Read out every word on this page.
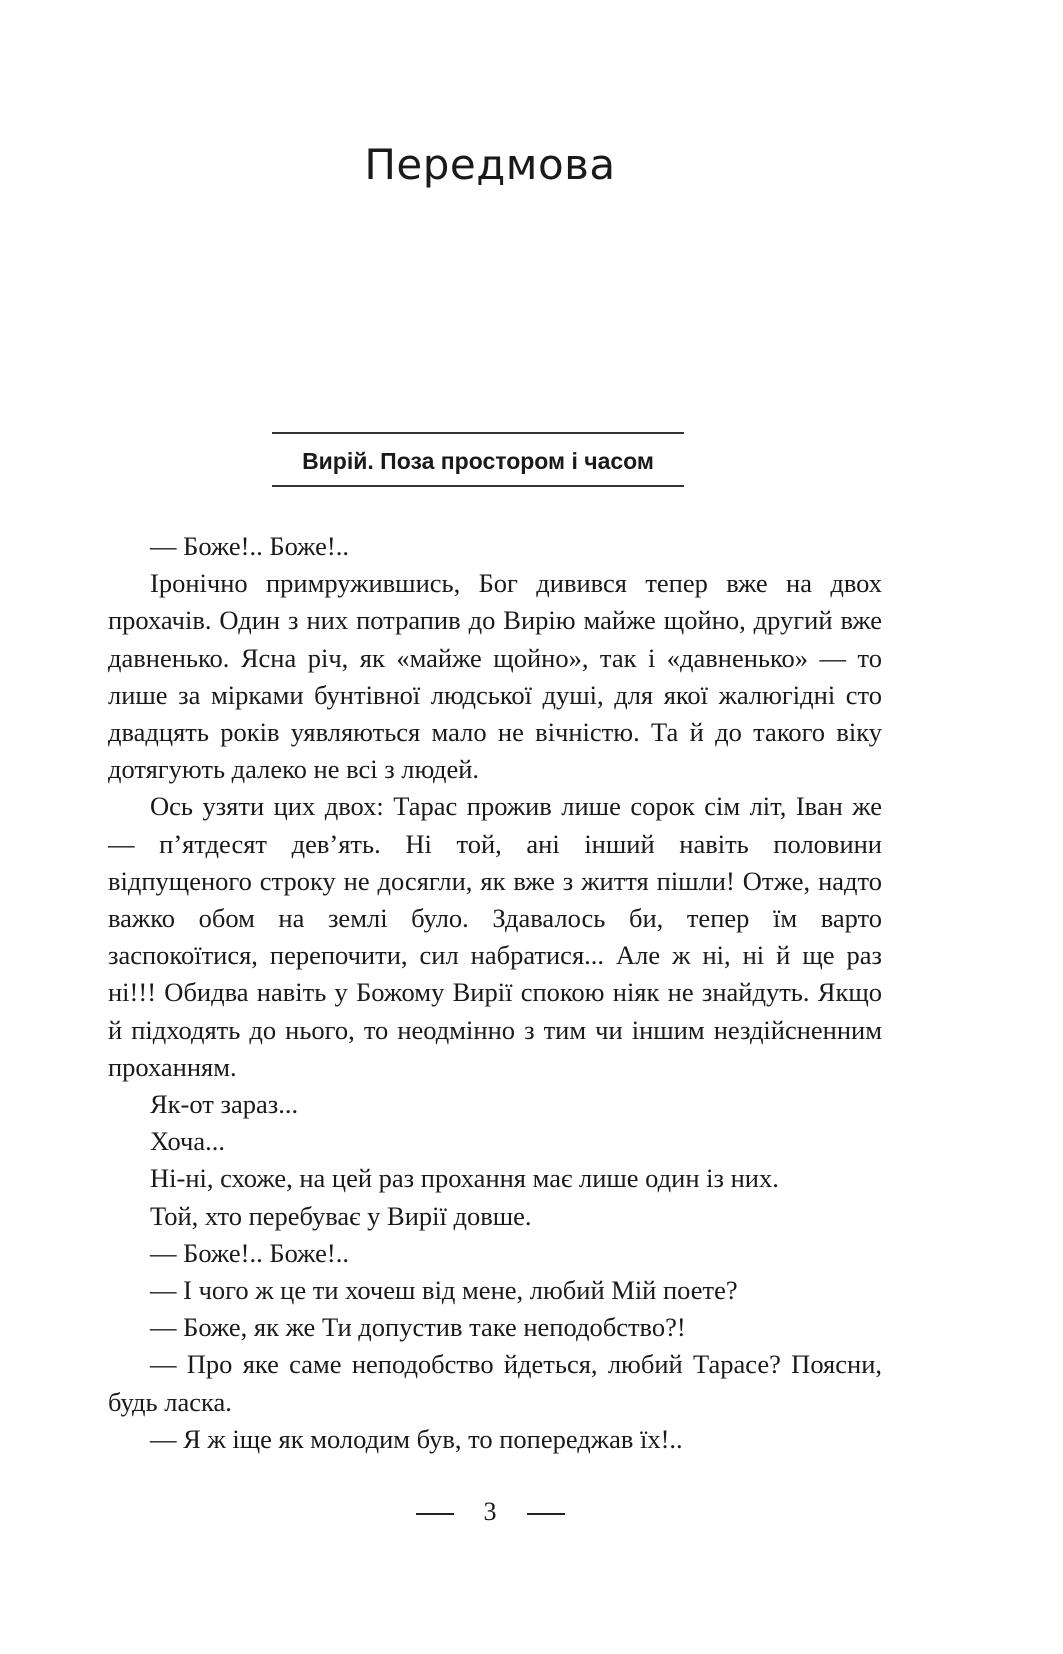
Передмова
Вирій. Поза простором і часом

— Боже!.. Боже!..

Іронічно примружившись, Бог дивився тепер вже на двох прохачів. Один з них потрапив до Вирію майже щойно, другий вже давненько. Ясна річ, як «майже щойно», так і «давненько» — то лише за мірками бунтівної людської душі, для якої жалюгідні сто двадцять років уявляються мало не вічністю. Та й до такого віку дотягують далеко не всі з людей.

Ось узяти цих двох: Тарас прожив лише сорок сім літ, Іван же — п’ятдесят дев’ять. Ні той, ані інший навіть половини відпущеного строку не досягли, як вже з життя пішли! Отже, надто важко обом на землі було. Здавалось би, тепер їм варто заспокоїтися, перепочити, сил набратися... Але ж ні, ні й ще раз ні!!! Обидва навіть у Божому Вирії спокою ніяк не знайдуть. Якщо й підходять до нього, то неодмінно з тим чи іншим нездійсненним проханням.

Як-от зараз...

Хоча...

Ні-ні, схоже, на цей раз прохання має лише один із них.

Той, хто перебуває у Вирії довше.

— Боже!.. Боже!..

— І чого ж це ти хочеш від мене, любий Мій поете?

— Боже, як же Ти допустив таке неподобство?!

— Про яке саме неподобство йдеться, любий Тарасе? Поясни, будь ласка.

— Я ж іще як молодим був, то попереджав їх!..

3
